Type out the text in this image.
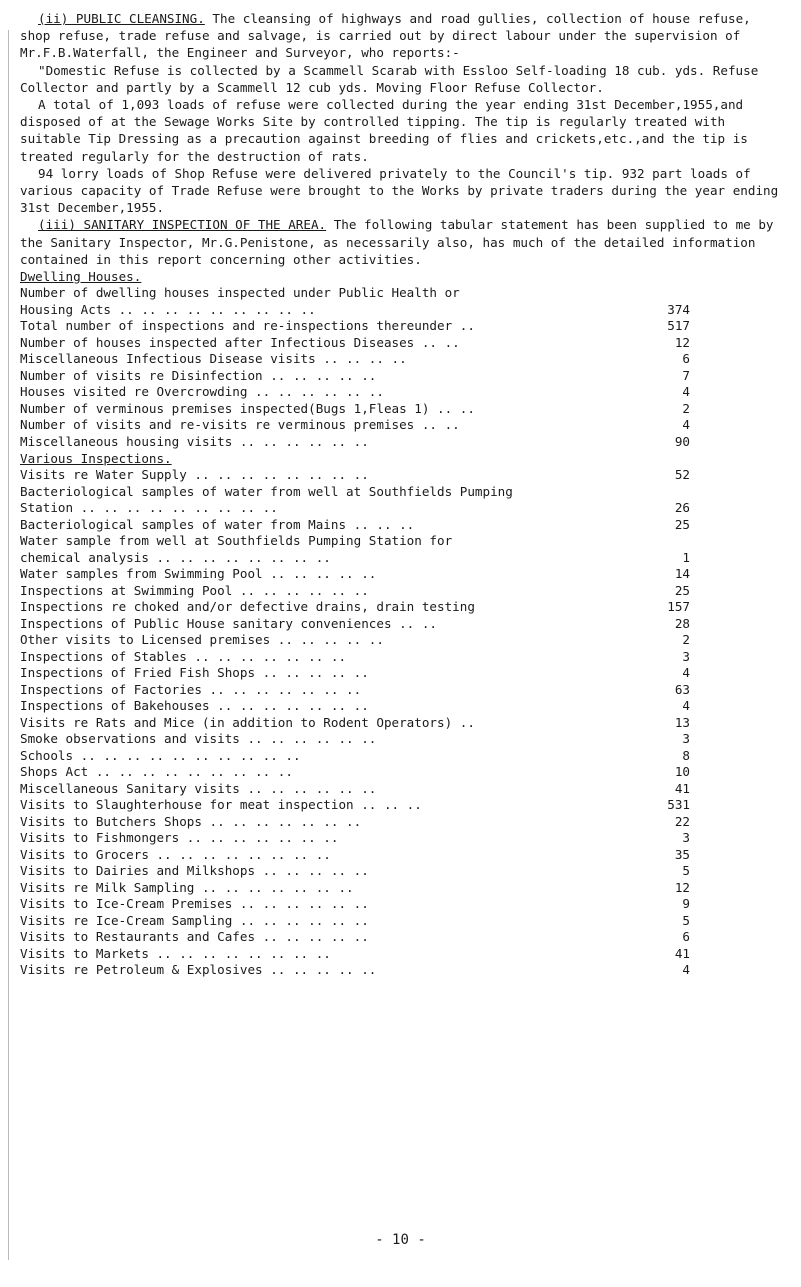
(ii) PUBLIC CLEANSING. The cleansing of highways and road gullies, collection of house refuse, shop refuse, trade refuse and salvage, is carried out by direct labour under the supervision of Mr.F.B.Waterfall, the Engineer and Surveyor, who reports:-

"Domestic Refuse is collected by a Scammell Scarab with Essloo Self-loading 18 cub. yds. Refuse Collector and partly by a Scammell 12 cub yds. Moving Floor Refuse Collector.

A total of 1,093 loads of refuse were collected during the year ending 31st December,1955,and disposed of at the Sewage Works Site by controlled tipping. The tip is regularly treated with suitable Tip Dressing as a precaution against breeding of flies and crickets,etc.,and the tip is treated regularly for the destruction of rats.

94 lorry loads of Shop Refuse were delivered privately to the Council's tip. 932 part loads of various capacity of Trade Refuse were brought to the Works by private traders during the year ending 31st December,1955.

(iii) SANITARY INSPECTION OF THE AREA. The following tabular statement has been supplied to me by the Sanitary Inspector, Mr.G.Penistone, as necessarily also, has much of the detailed information contained in this report concerning other activities.

Dwelling Houses.

Number of dwelling houses inspected under Public Health or
Housing Acts .. .. .. .. .. .. .. .. ..	374
Total number of inspections and re-inspections thereunder ..	517
Number of houses inspected after Infectious Diseases .. ..	12
Miscellaneous Infectious Disease visits .. .. .. ..	6
Number of visits re Disinfection .. .. .. .. ..	7
Houses visited re Overcrowding .. .. .. .. .. ..	4
Number of verminous premises inspected(Bugs 1,Fleas 1) .. ..	2
Number of visits and re-visits re verminous premises .. ..	4
Miscellaneous housing visits .. .. .. .. .. ..	90

Various Inspections.

Visits re Water Supply .. .. .. .. .. .. .. ..	52
Bacteriological samples of water from well at Southfields Pumping
Station .. .. .. .. .. .. .. .. ..	26
Bacteriological samples of water from Mains .. .. ..	25
Water sample from well at Southfields Pumping Station for
chemical analysis .. .. .. .. .. .. .. ..	1
Water samples from Swimming Pool .. .. .. .. ..	14
Inspections at Swimming Pool .. .. .. .. .. ..	25
Inspections re choked and/or defective drains, drain testing	157
Inspections of Public House sanitary conveniences .. ..	28
Other visits to Licensed premises .. .. .. .. ..	2
Inspections of Stables .. .. .. .. .. .. ..	3
Inspections of Fried Fish Shops .. .. .. .. ..	4
Inspections of Factories .. .. .. .. .. .. ..	63
Inspections of Bakehouses .. .. .. .. .. .. ..	4
Visits re Rats and Mice (in addition to Rodent Operators) ..	13
Smoke observations and visits .. .. .. .. .. ..	3
Schools .. .. .. .. .. .. .. .. .. ..	8
Shops Act .. .. .. .. .. .. .. .. ..	10
Miscellaneous Sanitary visits .. .. .. .. .. ..	41
Visits to Slaughterhouse for meat inspection .. .. ..	531
Visits to Butchers Shops .. .. .. .. .. .. ..	22
Visits to Fishmongers .. .. .. .. .. .. ..	3
Visits to Grocers .. .. .. .. .. .. .. ..	35
Visits to Dairies and Milkshops .. .. .. .. ..	5
Visits re Milk Sampling .. .. .. .. .. .. ..	12
Visits to Ice-Cream Premises .. .. .. .. .. ..	9
Visits re Ice-Cream Sampling .. .. .. .. .. ..	5
Visits to Restaurants and Cafes .. .. .. .. ..	6
Visits to Markets .. .. .. .. .. .. .. ..	41
Visits re Petroleum & Explosives .. .. .. .. ..	4
- 10 -
